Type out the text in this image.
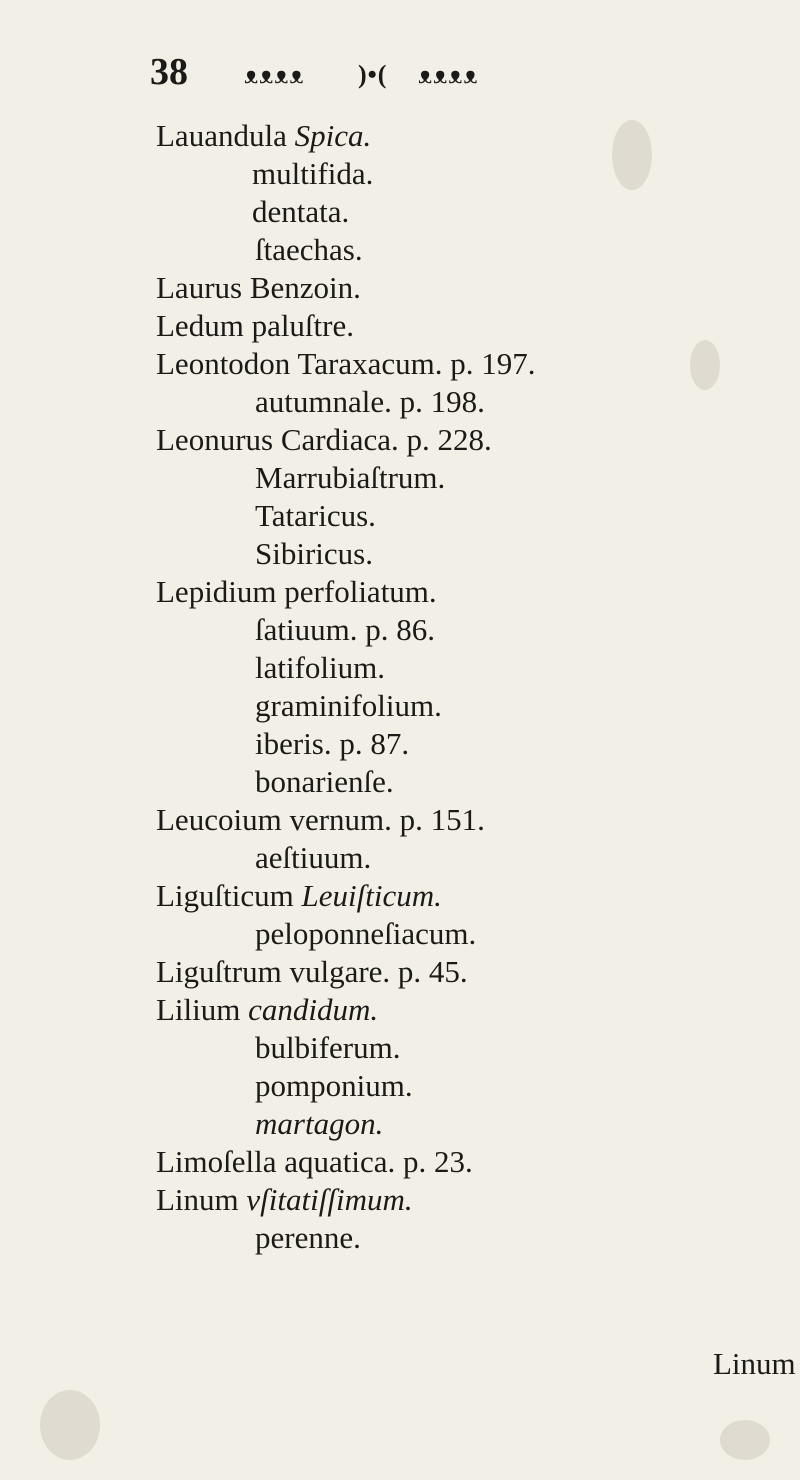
38 ᴥᴥᴥᴥ )•( ᴥᴥᴥᴥ
Lauandula Spica.
multifida.
dentata.
ſtaechas.
Laurus Benzoin.
Ledum paluſtre.
Leontodon Taraxacum. p. 197.
autumnale. p. 198.
Leonurus Cardiaca. p. 228.
Marrubiaſtrum.
Tataricus.
Sibiricus.
Lepidium perfoliatum.
ſatiuum. p. 86.
latifolium.
graminifolium.
iberis. p. 87.
bonarienſe.
Leucoium vernum. p. 151.
aeſtiuum.
Liguſticum Leuiſticum.
peloponneſiacum.
Liguſtrum vulgare. p. 45.
Lilium candidum.
bulbiferum.
pomponium.
martagon.
Limoſella aquatica. p. 23.
Linum vſitatiſſimum.
perenne.
Linum
